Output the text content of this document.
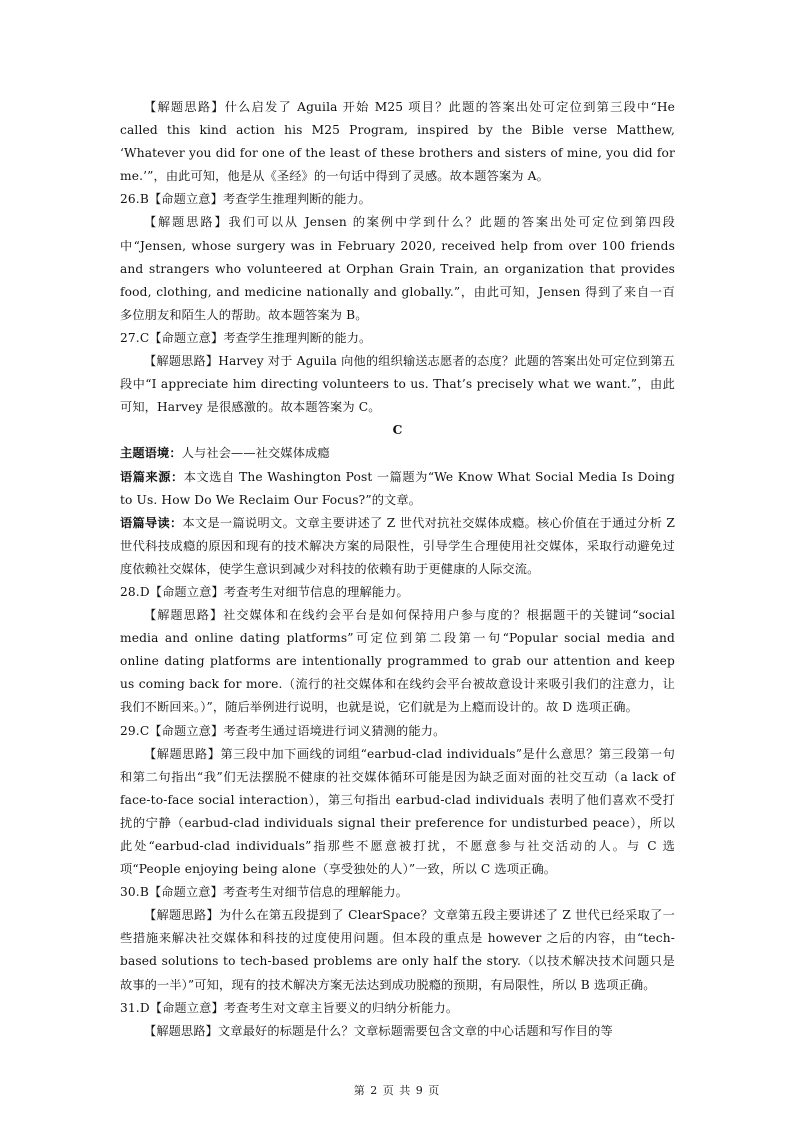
【解题思路】什么启发了 Aguila 开始 M25 项目？此题的答案出处可定位到第三段中“He called this kind action his M25 Program, inspired by the Bible verse Matthew, ‘Whatever you did for one of the least of these brothers and sisters of mine, you did for me.’”，由此可知，他是从《圣经》的一句话中得到了灵感。故本题答案为 A。

26.B【命题立意】考查学生推理判断的能力。

【解题思路】我们可以从 Jensen 的案例中学到什么？此题的答案出处可定位到第四段中“Jensen, whose surgery was in February 2020, received help from over 100 friends and strangers who volunteered at Orphan Grain Train, an organization that provides food, clothing, and medicine nationally and globally.”，由此可知，Jensen 得到了来自一百多位朋友和陌生人的帮助。故本题答案为 B。

27.C【命题立意】考查学生推理判断的能力。

【解题思路】Harvey 对于 Aguila 向他的组织输送志愿者的态度？此题的答案出处可定位到第五段中“I appreciate him directing volunteers to us. That’s precisely what we want.”，由此可知，Harvey 是很感激的。故本题答案为 C。

C

主题语境：人与社会——社交媒体成瘾

语篇来源：本文选自 The Washington Post 一篇题为“We Know What Social Media Is Doing to Us. How Do We Reclaim Our Focus?”的文章。

语篇导读：本文是一篇说明文。文章主要讲述了 Z 世代对抗社交媒体成瘾。核心价值在于通过分析 Z 世代科技成瘾的原因和现有的技术解决方案的局限性，引导学生合理使用社交媒体，采取行动避免过度依赖社交媒体，使学生意识到减少对科技的依赖有助于更健康的人际交流。

28.D【命题立意】考查考生对细节信息的理解能力。

【解题思路】社交媒体和在线约会平台是如何保持用户参与度的？根据题干的关键词“social media and online dating platforms”可定位到第二段第一句“Popular social media and online dating platforms are intentionally programmed to grab our attention and keep us coming back for more.（流行的社交媒体和在线约会平台被故意设计来吸引我们的注意力，让我们不断回来。）”，随后举例进行说明，也就是说，它们就是为上瘾而设计的。故 D 选项正确。

29.C【命题立意】考查考生通过语境进行词义猜测的能力。

【解题思路】第三段中加下画线的词组“earbud-clad individuals”是什么意思？第三段第一句和第二句指出“我”们无法摆脱不健康的社交媒体循环可能是因为缺乏面对面的社交互动（a lack of face-to-face social interaction），第三句指出 earbud-clad individuals 表明了他们喜欢不受打扰的宁静（earbud-clad individuals signal their preference for undisturbed peace），所以此处“earbud-clad individuals”指那些不愿意被打扰，不愿意参与社交活动的人。与 C 选项“People enjoying being alone（享受独处的人）”一致，所以 C 选项正确。

30.B【命题立意】考查考生对细节信息的理解能力。

【解题思路】为什么在第五段提到了 ClearSpace？文章第五段主要讲述了 Z 世代已经采取了一些措施来解决社交媒体和科技的过度使用问题。但本段的重点是 however 之后的内容，由“tech-based solutions to tech-based problems are only half the story.（以技术解决技术问题只是故事的一半）”可知，现有的技术解决方案无法达到成功脱瘾的预期，有局限性，所以 B 选项正确。

31.D【命题立意】考查考生对文章主旨要义的归纳分析能力。

【解题思路】文章最好的标题是什么？文章标题需要包含文章的中心话题和写作目的等

第 2 页 共 9 页
